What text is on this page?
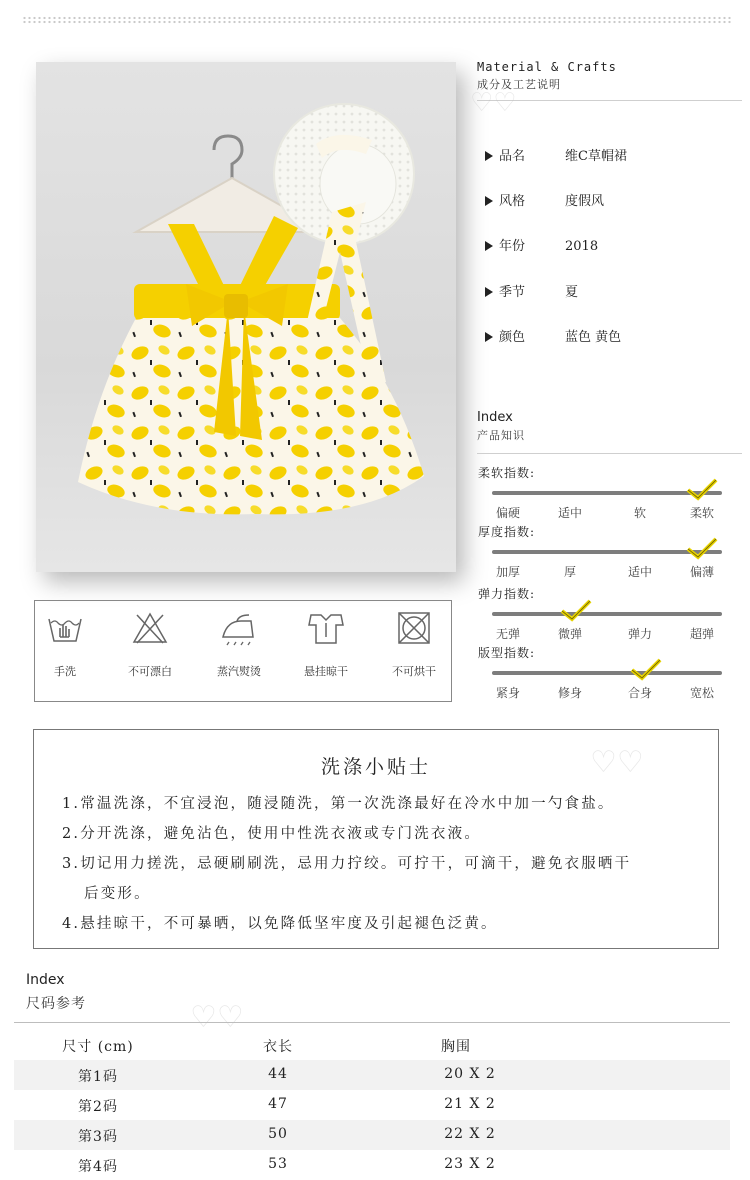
Material & Crafts
成分及工艺说明
品名	维C草帽裙
风格	度假风
年份	2018
季节	夏
颜色	蓝色 黄色
Index
产品知识
柔软指数:
偏硬	适中	软	柔软
厚度指数:
加厚	厚	适中	偏薄
弹力指数:
无弹	微弹	弹力	超弹
版型指数:
紧身	修身	合身	宽松
手洗	不可漂白	蒸汽熨烫	悬挂晾干	不可烘干
洗涤小贴士
1.常温洗涤，不宜浸泡，随浸随洗，第一次洗涤最好在冷水中加一勺食盐。
2.分开洗涤，避免沾色，使用中性洗衣液或专门洗衣液。
3.切记用力搓洗，忌硬刷刷洗，忌用力拧绞。可拧干，可滴干，避免衣服晒干
后变形。
4.悬挂晾干，不可暴晒，以免降低坚牢度及引起褪色泛黄。
Index
尺码参考
尺寸 (cm)	衣长	胸围
第1码	44	20 X 2
第2码	47	21 X 2
第3码	50	22 X 2
第4码	53	23 X 2
♡♡
♡♡
♡♡
